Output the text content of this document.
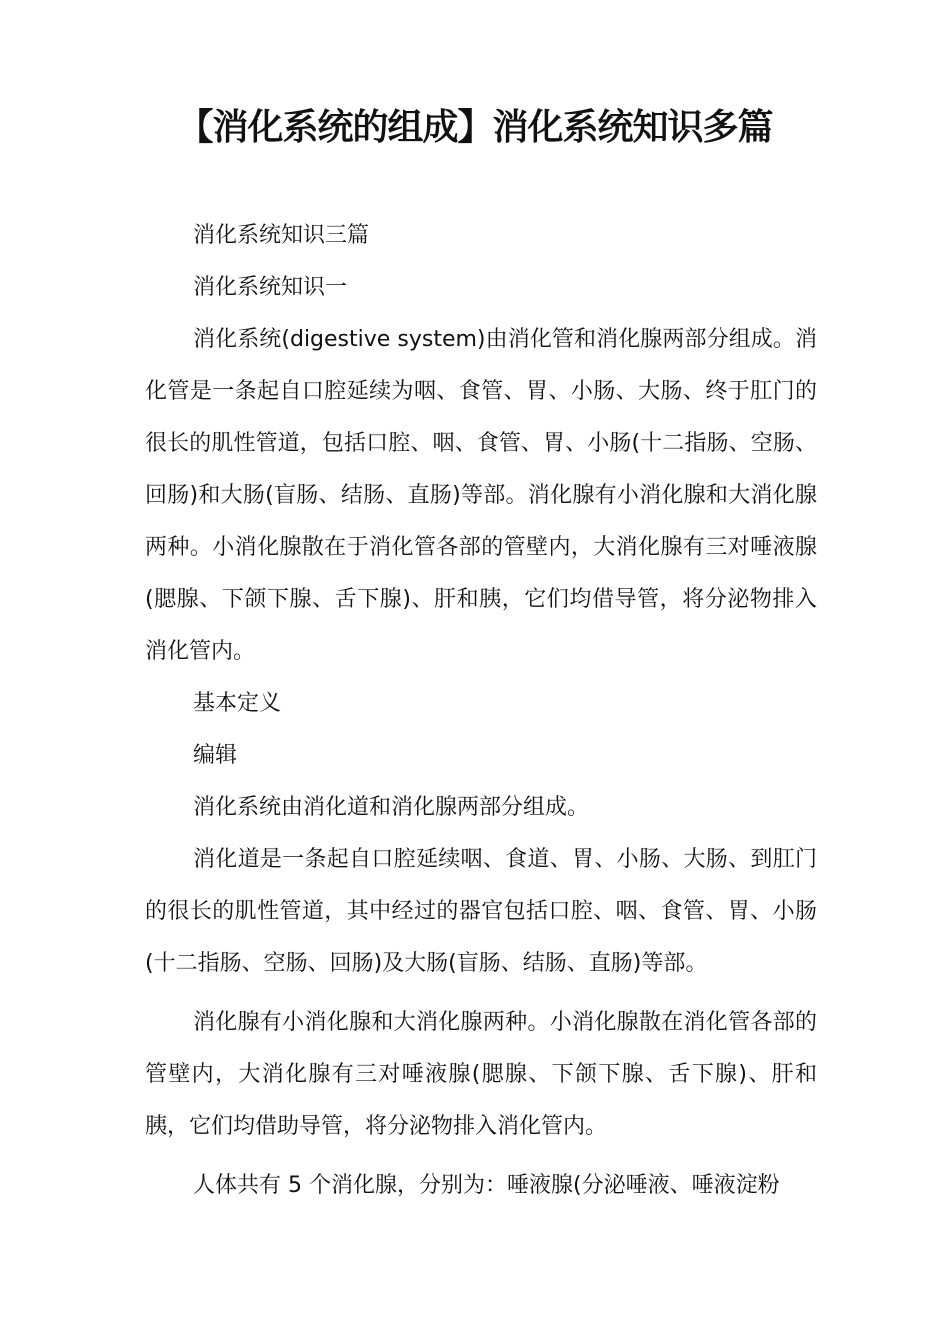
【消化系统的组成】消化系统知识多篇

消化系统知识三篇

消化系统知识一

消化系统(digestive system)由消化管和消化腺两部分组成。消化管是一条起自口腔延续为咽、食管、胃、小肠、大肠、终于肛门的很长的肌性管道，包括口腔、咽、食管、胃、小肠(十二指肠、空肠、回肠)和大肠(盲肠、结肠、直肠)等部。消化腺有小消化腺和大消化腺两种。小消化腺散在于消化管各部的管壁内，大消化腺有三对唾液腺(腮腺、下颌下腺、舌下腺)、肝和胰，它们均借导管，将分泌物排入消化管内。

基本定义

编辑

消化系统由消化道和消化腺两部分组成。

消化道是一条起自口腔延续咽、食道、胃、小肠、大肠、到肛门的很长的肌性管道，其中经过的器官包括口腔、咽、食管、胃、小肠(十二指肠、空肠、回肠)及大肠(盲肠、结肠、直肠)等部。

消化腺有小消化腺和大消化腺两种。小消化腺散在消化管各部的管壁内，大消化腺有三对唾液腺(腮腺、下颌下腺、舌下腺)、肝和胰，它们均借助导管，将分泌物排入消化管内。

人体共有 5 个消化腺，分别为：唾液腺(分泌唾液、唾液淀粉
